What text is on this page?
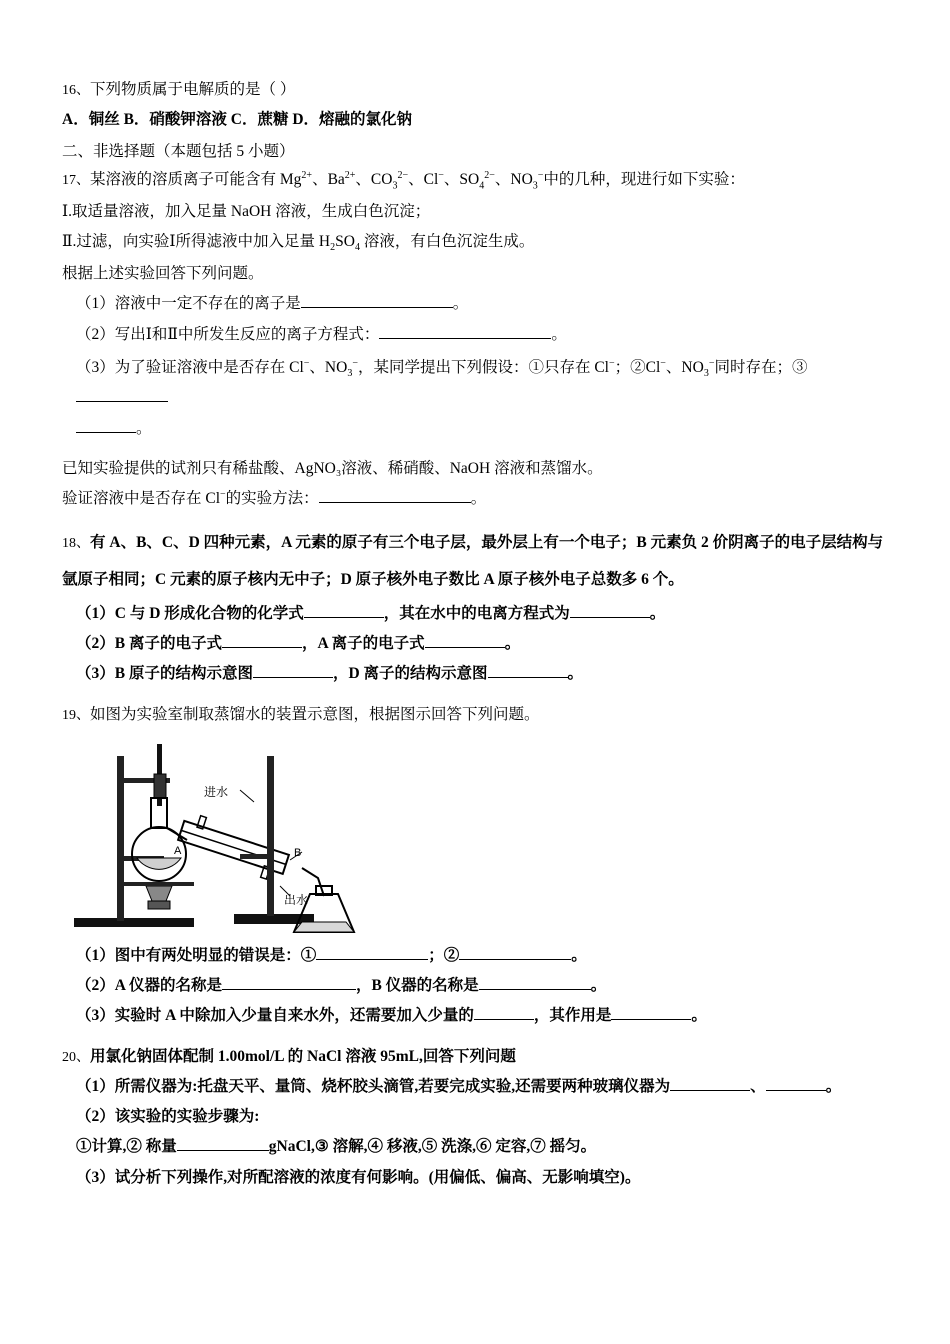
16、下列物质属于电解质的是（ ）
A．铜丝 B．硝酸钾溶液 C．蔗糖 D．熔融的氯化钠
二、非选择题（本题包括 5 小题）
17、某溶液的溶质离子可能含有 $Mg^{2+}$、$Ba^{2+}$、$CO_3^{2-}$、Cl−、$SO_4^{2-}$、$NO_3^-$中的几种，现进行如下实验：
Ⅰ.取适量溶液，加入足量 NaOH 溶液，生成白色沉淀；
Ⅱ.过滤，向实验Ⅰ所得滤液中加入足量 $H_2SO_4$ 溶液，有白色沉淀生成。
根据上述实验回答下列问题。
（1）溶液中一定不存在的离子是	。
（2）写出Ⅰ和Ⅱ中所发生反应的离子方程式：	。
（3）为了验证溶液中是否存在 Cl−、$NO_3^-$，某同学提出下列假设：①只存在 Cl−；②Cl−、$NO_3^-$同时存在；③
。
已知实验提供的试剂只有稀盐酸、AgNO₃溶液、稀硝酸、NaOH 溶液和蒸馏水。
验证溶液中是否存在 Cl−的实验方法：	。
18、有 A、B、C、D 四种元素，A 元素的原子有三个电子层，最外层上有一个电子；B 元素负 2 价阴离子的电子层结构与
氩原子相同；C 元素的原子核内无中子；D 原子核外电子数比 A 原子核外电子总数多 6 个。
（1）C 与 D 形成化合物的化学式	，其在水中的电离方程式为	。
（2）B 离子的电子式	，A 离子的电子式	。
（3）B 原子的结构示意图	，D 离子的结构示意图	。
19、如图为实验室制取蒸馏水的装置示意图，根据图示回答下列问题。
A	B
进水
出水
（1）图中有两处明显的错误是：①	；②	。
（2）A 仪器的名称是	，B 仪器的名称是	。
（3）实验时 A 中除加入少量自来水外，还需要加入少量的	，其作用是	。
20、用氯化钠固体配制 1.00mol/L 的 NaCl 溶液 95mL,回答下列问题
（1）所需仪器为:托盘天平、量筒、烧杯胶头滴管,若要完成实验,还需要两种玻璃仪器为	、	。
（2）该实验的实验步骤为:
①计算,② 称量	gNaCl,③ 溶解,④ 移液,⑤ 洗涤,⑥ 定容,⑦ 摇匀。
（3）试分析下列操作,对所配溶液的浓度有何影响。(用偏低、偏高、无影响填空)。
